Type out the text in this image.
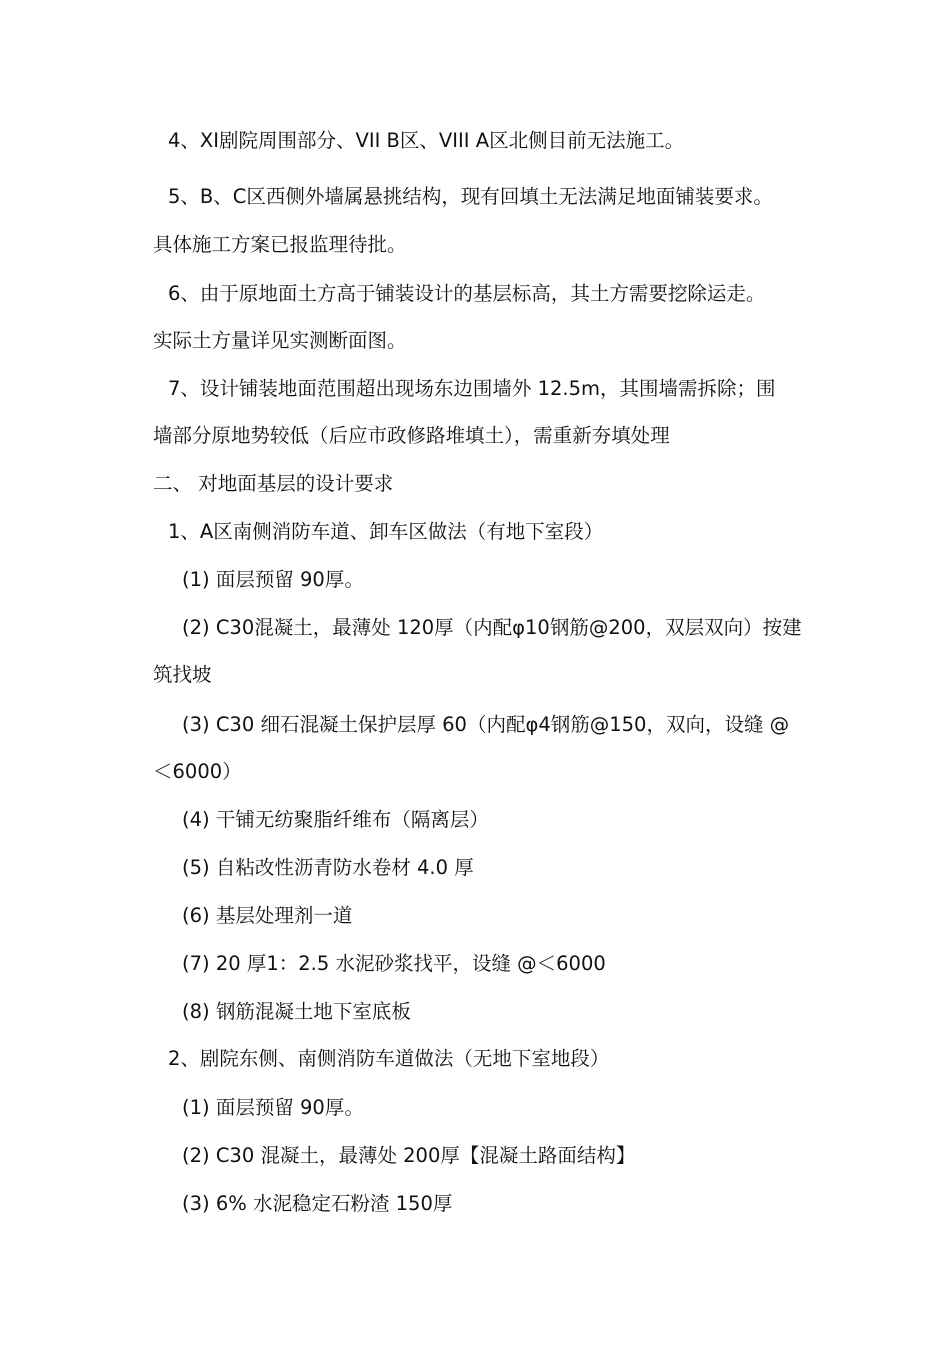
4、XI剧院周围部分、VII B区、VIII A区北侧目前无法施工。
5、B、C区西侧外墙属悬挑结构，现有回填土无法满足地面铺装要求。
具体施工方案已报监理待批。
6、由于原地面土方高于铺装设计的基层标高，其土方需要挖除运走。
实际土方量详见实测断面图。
7、设计铺装地面范围超出现场东边围墙外 12.5m，其围墙需拆除；围
墙部分原地势较低（后应市政修路堆填土），需重新夯填处理
二、 对地面基层的设计要求
1、A区南侧消防车道、卸车区做法（有地下室段）
(1) 面层预留 90厚。
(2) C30混凝土，最薄处 120厚（内配φ10钢筋@200，双层双向）按建
筑找坡
(3) C30 细石混凝土保护层厚 60（内配φ4钢筋@150，双向，设缝 @
＜6000）
(4) 干铺无纺聚脂纤维布（隔离层）
(5) 自粘改性沥青防水卷材 4.0 厚
(6) 基层处理剂一道
(7) 20 厚1：2.5 水泥砂浆找平，设缝 @＜6000
(8) 钢筋混凝土地下室底板
2、剧院东侧、南侧消防车道做法（无地下室地段）
(1) 面层预留 90厚。
(2) C30 混凝土，最薄处 200厚【混凝土路面结构】
(3) 6% 水泥稳定石粉渣 150厚
